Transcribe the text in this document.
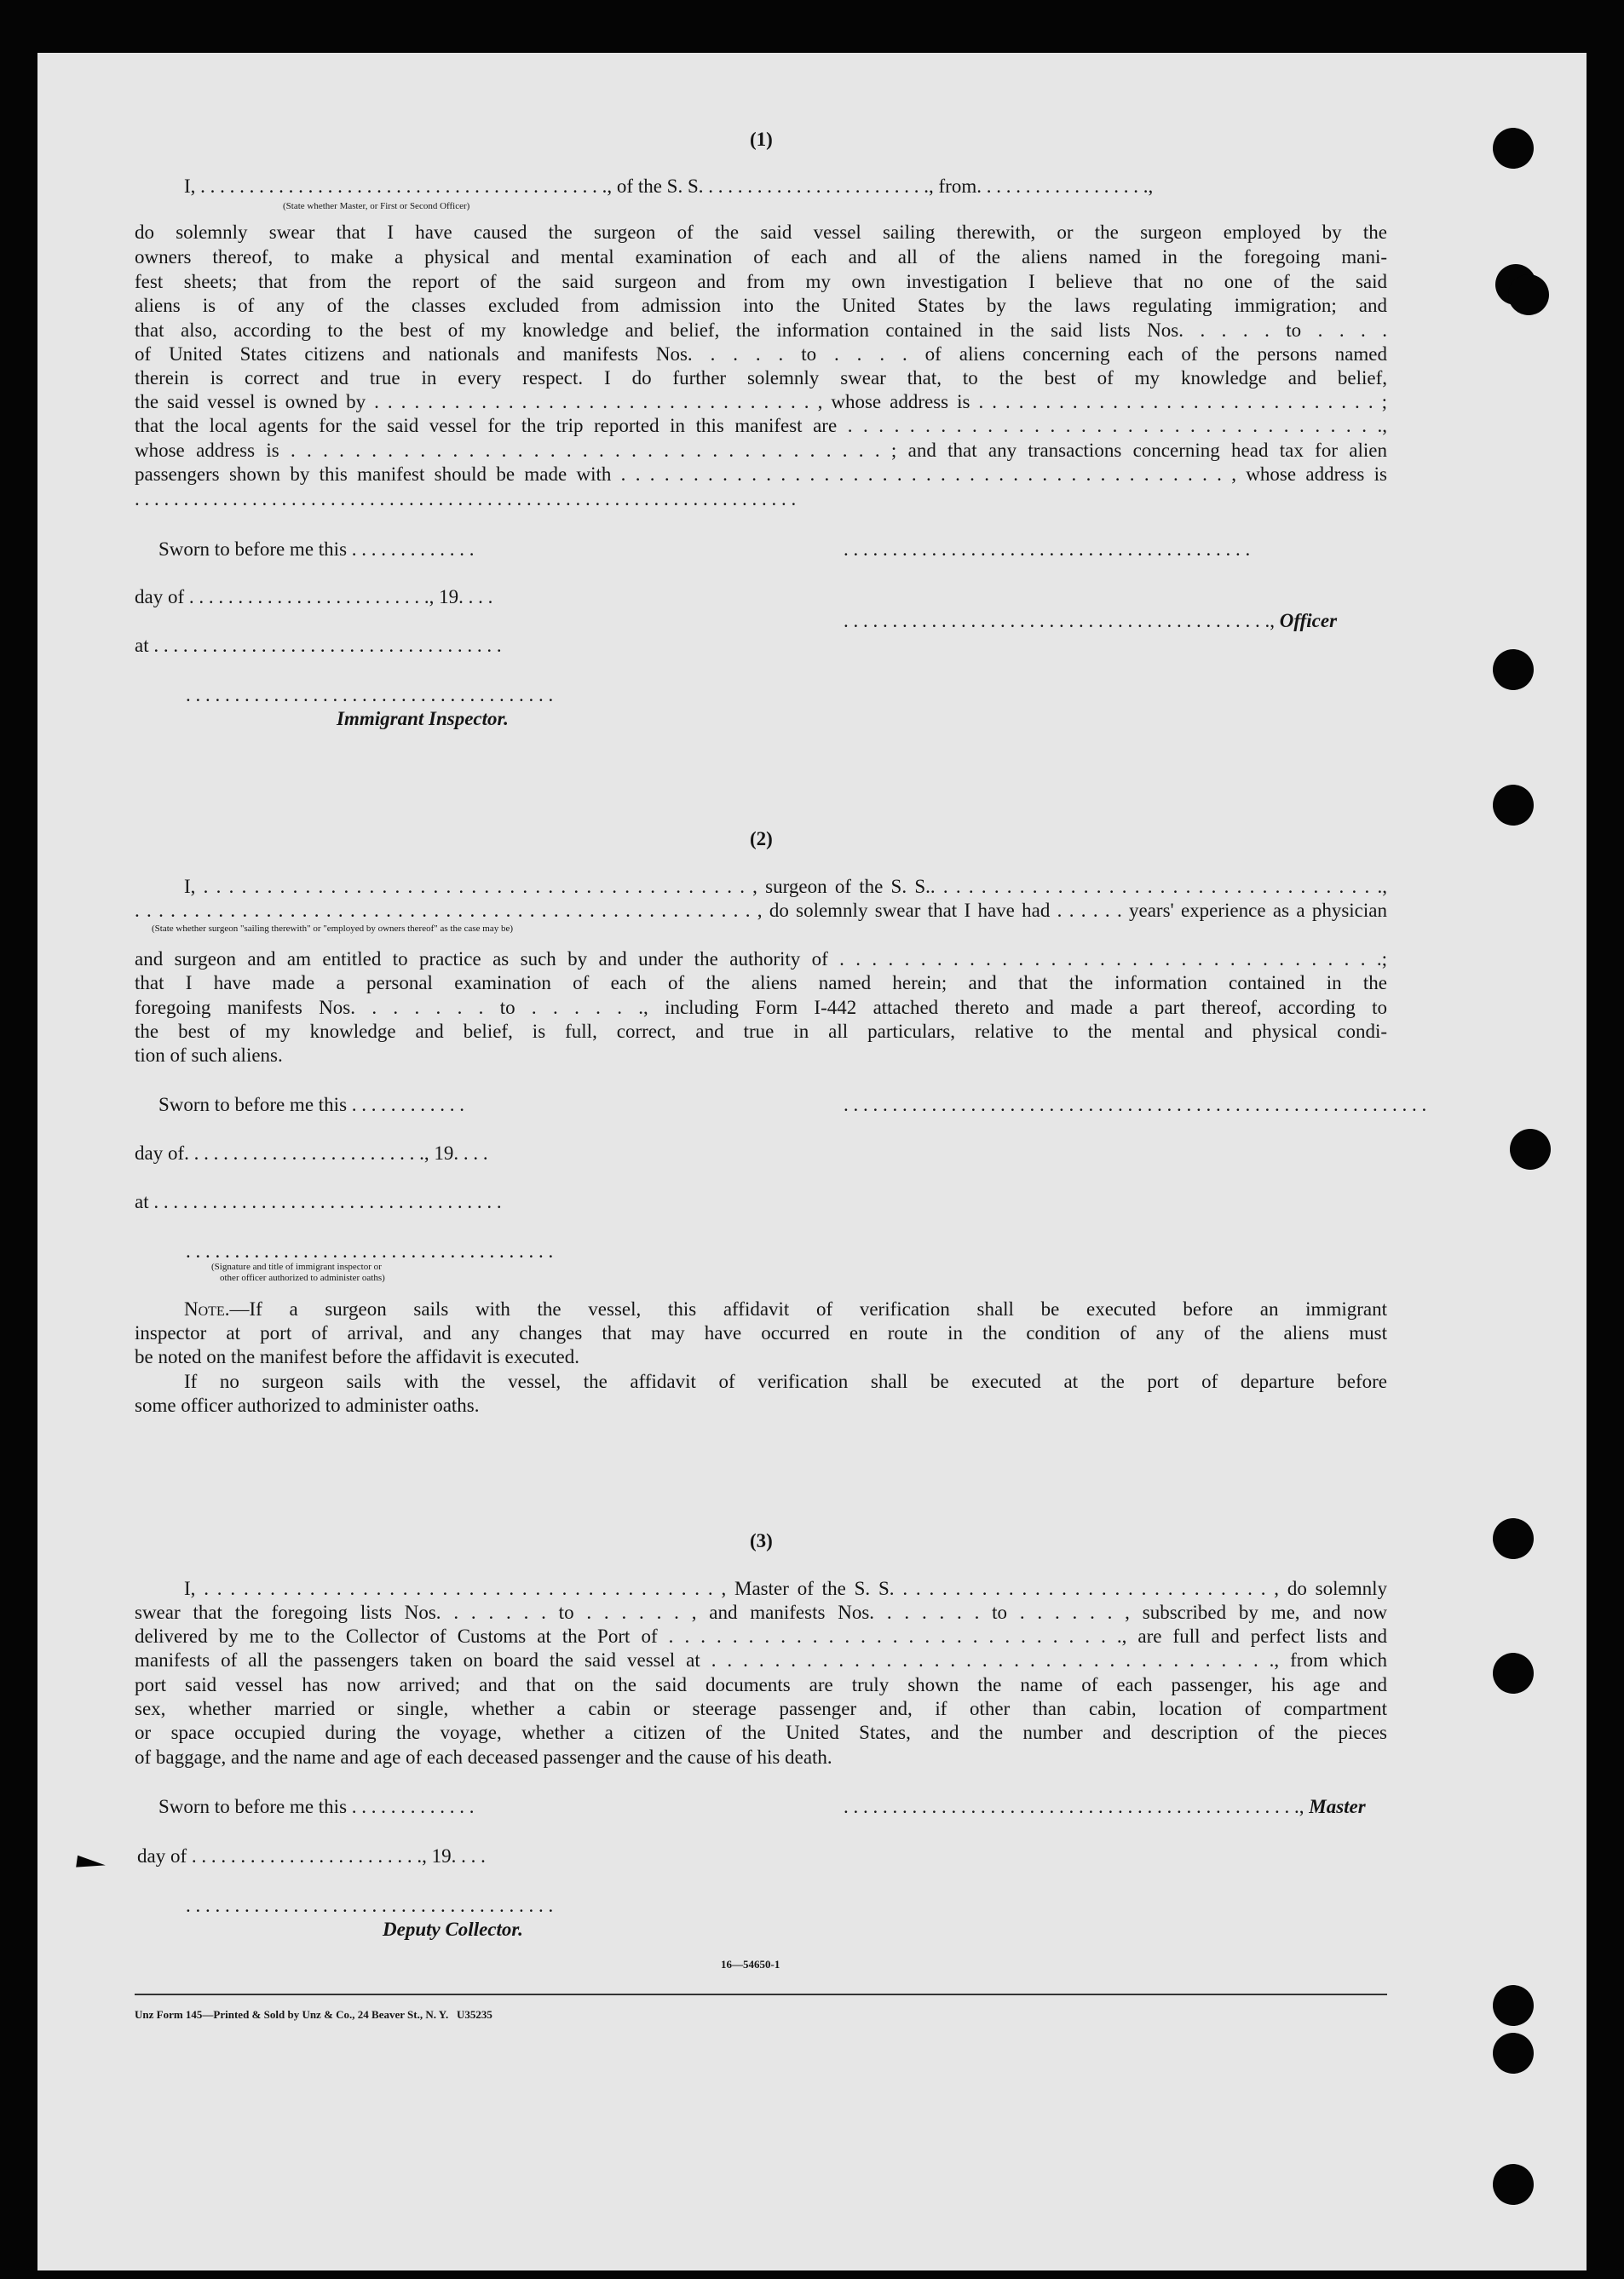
(1)
I, . . . . . . . . . . . . . . . . . . . . . . . . . . . . . . . . . . . . . . . . . ., of the S. S. . . . . . . . . . . . . . . . . . . . . . . ., from. . . . . . . . . . . . . . . . . .,
(State whether Master, or First or Second Officer)
do solemnly swear that I have caused the surgeon of the said vessel sailing therewith, or the surgeon employed by the
owners thereof, to make a physical and mental examination of each and all of the aliens named in the foregoing mani-
fest sheets; that from the report of the said surgeon and from my own investigation I believe that no one of the said
aliens is of any of the classes excluded from admission into the United States by the laws regulating immigration; and
that also, according to the best of my knowledge and belief, the information contained in the said lists Nos. . . . . to . . . .
of United States citizens and nationals and manifests Nos. . . . . to . . . . of aliens concerning each of the persons named
therein is correct and true in every respect. I do further solemnly swear that, to the best of my knowledge and belief,
the said vessel is owned by . . . . . . . . . . . . . . . . . . . . . . . . . . . . . . . . . , whose address is . . . . . . . . . . . . . . . . . . . . . . . . . . . . . . ;
that the local agents for the said vessel for the trip reported in this manifest are . . . . . . . . . . . . . . . . . . . . . . . . . . . . . . . . . . .,
whose address is . . . . . . . . . . . . . . . . . . . . . . . . . . . . . . . . . . . . . ; and that any transactions concerning head tax for alien
passengers shown by this manifest should be made with . . . . . . . . . . . . . . . . . . . . . . . . . . . . . . . . . . . . . . . . . . , whose address is
. . . . . . . . . . . . . . . . . . . . . . . . . . . . . . . . . . . . . . . . . . . . . . . . . . . . . . . . . . . . . . . . . . . .
Sworn to before me this . . . . . . . . . . . . .	. . . . . . . . . . . . . . . . . . . . . . . . . . . . . . . . . . . . . . . . . .
day of . . . . . . . . . . . . . . . . . . . . . . . . ., 19. . . .
. . . . . . . . . . . . . . . . . . . . . . . . . . . . . . . . . . . . . . . . . . . ., Officer
at . . . . . . . . . . . . . . . . . . . . . . . . . . . . . . . . . . . .
. . . . . . . . . . . . . . . . . . . . . . . . . . . . . . . . . . . . . .
Immigrant Inspector.
(2)
I, . . . . . . . . . . . . . . . . . . . . . . . . . . . . . . . . . . . . . . . . . . . , surgeon of the S. S.. . . . . . . . . . . . . . . . . . . . . . . . . . . . . . . . . . . .,
. . . . . . . . . . . . . . . . . . . . . . . . . . . . . . . . . . . . . . . . . . . . . . . . . . . . , do solemnly swear that I have had . . . . . . years' experience as a physician
(State whether surgeon "sailing therewith" or "employed by owners thereof" as the case may be)
and surgeon and am entitled to practice as such by and under the authority of . . . . . . . . . . . . . . . . . . . . . . . . . . . . . . . . . .;
that I have made a personal examination of each of the aliens named herein; and that the information contained in the
foregoing manifests Nos. . . . . . . to . . . . . ., including Form I-442 attached thereto and made a part thereof, according to
the best of my knowledge and belief, is full, correct, and true in all particulars, relative to the mental and physical condi-
tion of such aliens.
Sworn to before me this . . . . . . . . . . . .	. . . . . . . . . . . . . . . . . . . . . . . . . . . . . . . . . . . . . . . . . . . . . . . . . . . . . . . . . . . .
day of. . . . . . . . . . . . . . . . . . . . . . . . ., 19. . . .
at . . . . . . . . . . . . . . . . . . . . . . . . . . . . . . . . . . . .
. . . . . . . . . . . . . . . . . . . . . . . . . . . . . . . . . . . . . .
(Signature and title of immigrant inspector or
other officer authorized to administer oaths)
Note.—If a surgeon sails with the vessel, this affidavit of verification shall be executed before an immigrant
inspector at port of arrival, and any changes that may have occurred en route in the condition of any of the aliens must
be noted on the manifest before the affidavit is executed.
If no surgeon sails with the vessel, the affidavit of verification shall be executed at the port of departure before
some officer authorized to administer oaths.
(3)
I, . . . . . . . . . . . . . . . . . . . . . . . . . . . . . . . . . . . . . . . , Master of the S. S. . . . . . . . . . . . . . . . . . . . . . . . . . . . . , do solemnly
swear that the foregoing lists Nos. . . . . . . to . . . . . . , and manifests Nos. . . . . . . to . . . . . . , subscribed by me, and now
delivered by me to the Collector of Customs at the Port of . . . . . . . . . . . . . . . . . . . . . . . . . . . . ., are full and perfect lists and
manifests of all the passengers taken on board the said vessel at . . . . . . . . . . . . . . . . . . . . . . . . . . . . . . . . . . . ., from which
port said vessel has now arrived; and that on the said documents are truly shown the name of each passenger, his age and
sex, whether married or single, whether a cabin or steerage passenger and, if other than cabin, location of compartment
or space occupied during the voyage, whether a citizen of the United States, and the number and description of the pieces
of baggage, and the name and age of each deceased passenger and the cause of his death.
Sworn to before me this . . . . . . . . . . . . .	. . . . . . . . . . . . . . . . . . . . . . . . . . . . . . . . . . . . . . . . . . . . . . ., Master
day of . . . . . . . . . . . . . . . . . . . . . . . ., 19. . . .
. . . . . . . . . . . . . . . . . . . . . . . . . . . . . . . . . . . . . .
Deputy Collector.
16—54650-1
Unz Form 145—Printed & Sold by Unz & Co., 24 Beaver St., N. Y.   U35235
